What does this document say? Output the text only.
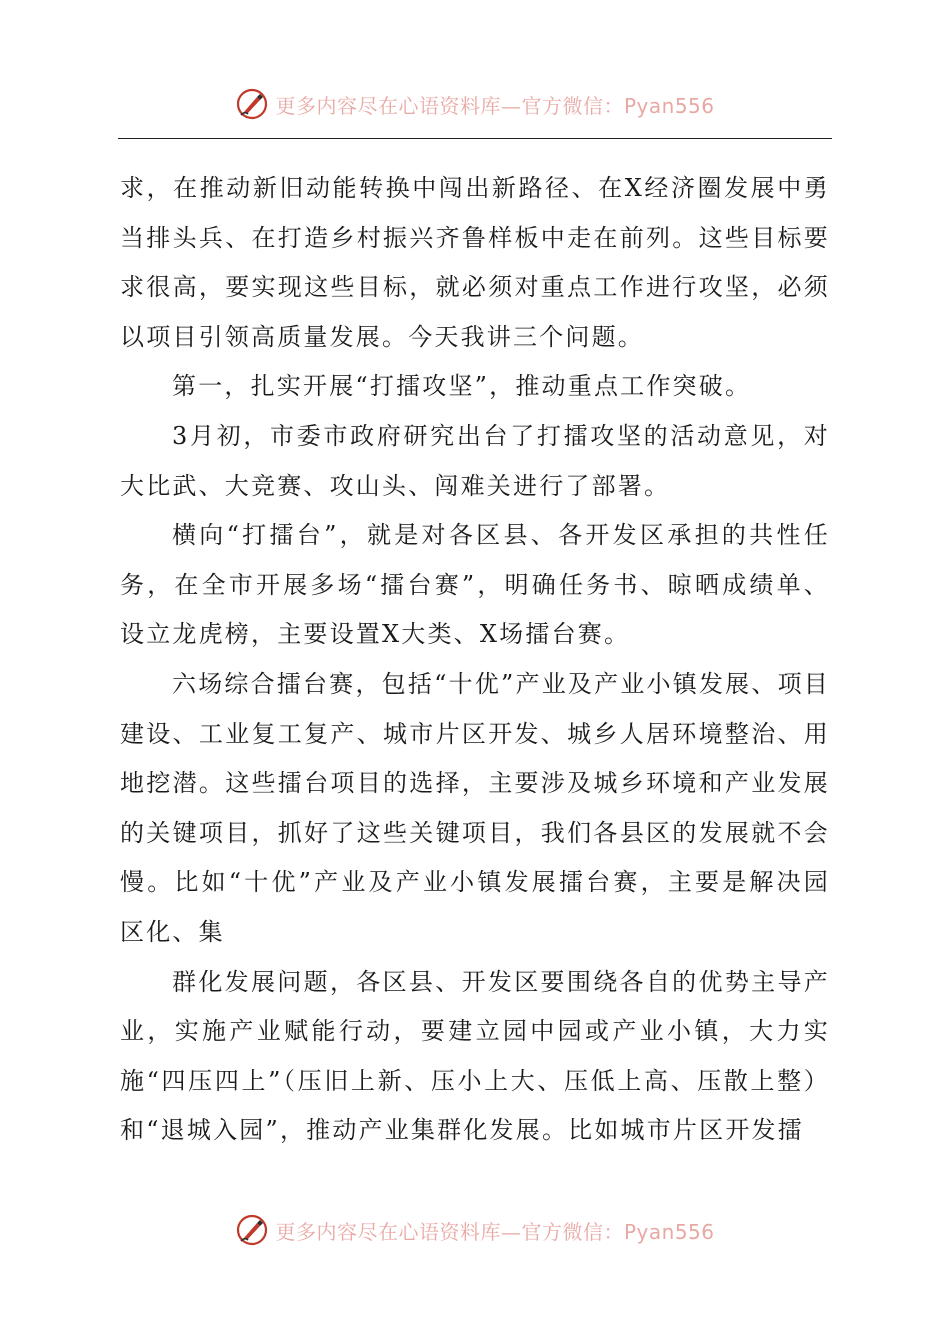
更多内容尽在心语资料库—官方微信：Pyan556

求，在推动新旧动能转换中闯出新路径、在X经济圈发展中勇当排头兵、在打造乡村振兴齐鲁样板中走在前列。这些目标要求很高，要实现这些目标，就必须对重点工作进行攻坚，必须以项目引领高质量发展。今天我讲三个问题。

第一，扎实开展“打擂攻坚”，推动重点工作突破。

3月初，市委市政府研究出台了打擂攻坚的活动意见，对大比武、大竞赛、攻山头、闯难关进行了部署。

横向“打擂台”，就是对各区县、各开发区承担的共性任务，在全市开展多场“擂台赛”，明确任务书、晾晒成绩单、设立龙虎榜，主要设置X大类、X场擂台赛。

六场综合擂台赛，包括“十优”产业及产业小镇发展、项目建设、工业复工复产、城市片区开发、城乡人居环境整治、用地挖潜。这些擂台项目的选择，主要涉及城乡环境和产业发展的关键项目，抓好了这些关键项目，我们各县区的发展就不会慢。比如“十优”产业及产业小镇发展擂台赛，主要是解决园区化、集

群化发展问题，各区县、开发区要围绕各自的优势主导产业，实施产业赋能行动，要建立园中园或产业小镇，大力实施“四压四上”（压旧上新、压小上大、压低上高、压散上整）和“退城入园”，推动产业集群化发展。比如城市片区开发擂

更多内容尽在心语资料库—官方微信：Pyan556
